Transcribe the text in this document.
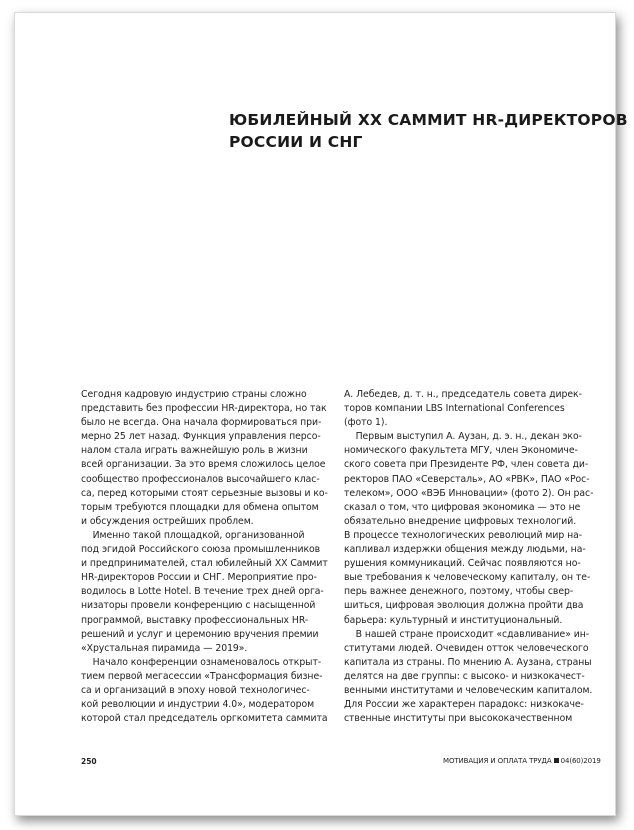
ЮБИЛЕЙНЫЙ XX САММИТ HR-ДИРЕКТОРОВ
РОССИИ И СНГ
Сегодня кадровую индустрию страны сложно
представить без профессии HR-директора, но так
было не всегда. Она начала формироваться при-
мерно 25 лет назад. Функция управления персо-
налом стала играть важнейшую роль в жизни
всей организации. За это время сложилось целое
сообщество профессионалов высочайшего клас-
са, перед которыми стоят серьезные вызовы и ко-
торым требуются площадки для обмена опытом
и обсуждения острейших проблем.
Именно такой площадкой, организованной
под эгидой Российского союза промышленников
и предпринимателей, стал юбилейный XX Саммит
HR-директоров России и СНГ. Мероприятие про-
водилось в Lotte Hotel. В течение трех дней орга-
низаторы провели конференцию с насыщенной
программой, выставку профессиональных HR-
решений и услуг и церемонию вручения премии
«Хрустальная пирамида — 2019».
Начало конференции ознаменовалось открыт-
тием первой мегасессии «Трансформация бизне-
са и организаций в эпоху новой технологичес-
кой революции и индустрии 4.0», модератором
которой стал председатель оргкомитета саммита
А. Лебедев, д. т. н., председатель совета дирек-
торов компании LBS International Conferences
(фото 1).
Первым выступил А. Аузан, д. э. н., декан эко-
номического факультета МГУ, член Экономиче-
ского совета при Президенте РФ, член совета ди-
ректоров ПАО «Северсталь», АО «РВК», ПАО «Рос-
телеком», ООО «ВЭБ Инновации» (фото 2). Он рас-
сказал о том, что цифровая экономика — это не
обязательно внедрение цифровых технологий.
В процессе технологических революций мир на-
капливал издержки общения между людьми, на-
рушения коммуникаций. Сейчас появляются но-
вые требования к человеческому капиталу, он те-
перь важнее денежного, поэтому, чтобы свер-
шиться, цифровая эволюция должна пройти два
барьера: культурный и институциональный.
В нашей стране происходит «сдавливание» ин-
ститутами людей. Очевиден отток человеческого
капитала из страны. По мнению А. Аузана, страны
делятся на две группы: с высоко- и низкокачест-
венными институтами и человеческим капиталом.
Для России же характерен парадокс: низкокаче-
ственные институты при высококачественном
250	МОТИВАЦИЯ И ОПЛАТА ТРУДА 04(60)2019
